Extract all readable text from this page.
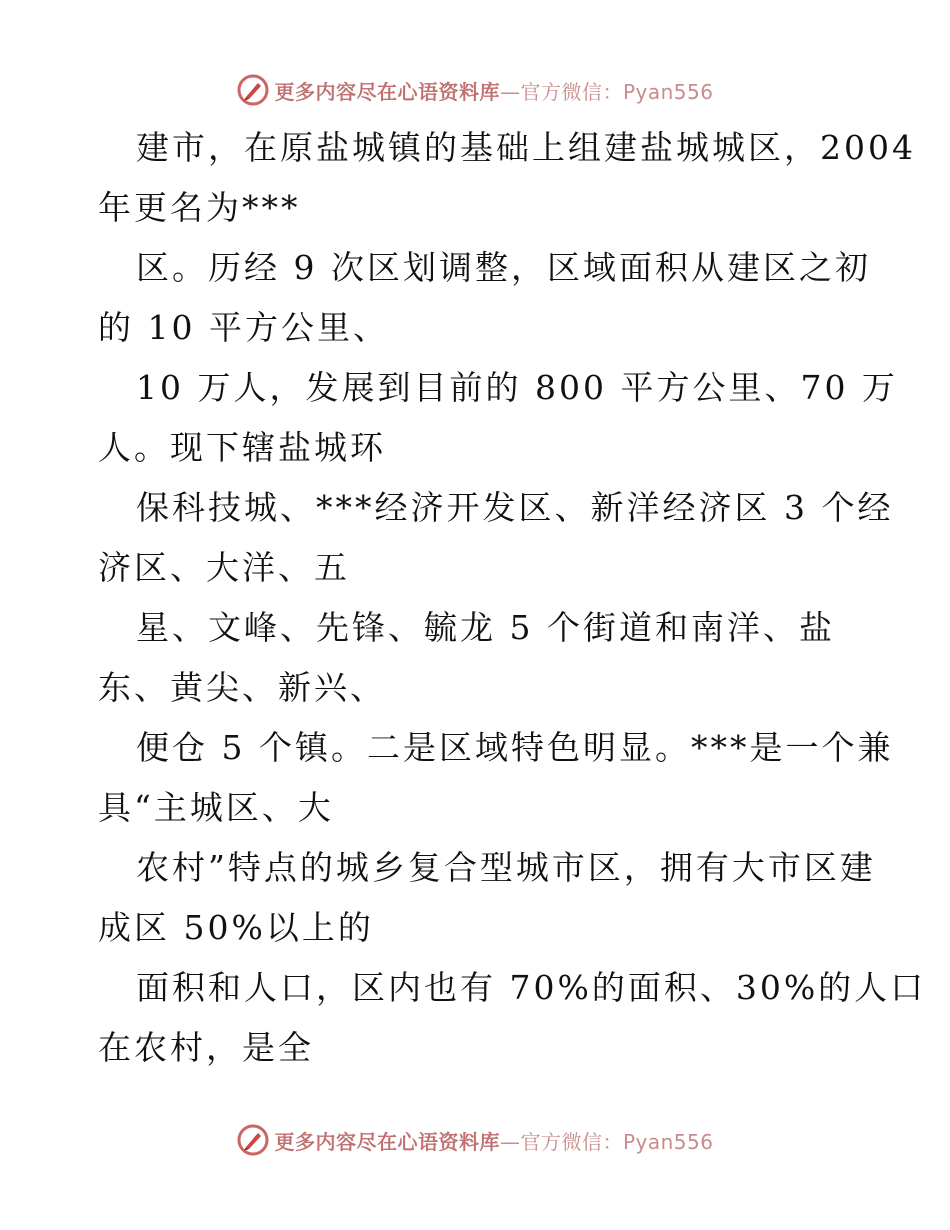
更多内容尽在心语资料库—官方微信：Pyan556
建市，在原盐城镇的基础上组建盐城城区，2004
年更名为***
区。历经 9 次区划调整，区域面积从建区之初
的 10 平方公里、
10 万人，发展到目前的 800 平方公里、70 万
人。现下辖盐城环
保科技城、***经济开发区、新洋经济区 3 个经
济区、大洋、五
星、文峰、先锋、毓龙 5 个街道和南洋、盐
东、黄尖、新兴、
便仓 5 个镇。二是区域特色明显。***是一个兼
具“主城区、大
农村”特点的城乡复合型城市区，拥有大市区建
成区 50%以上的
面积和人口，区内也有 70%的面积、30%的人口
在农村，是全
更多内容尽在心语资料库—官方微信：Pyan556
